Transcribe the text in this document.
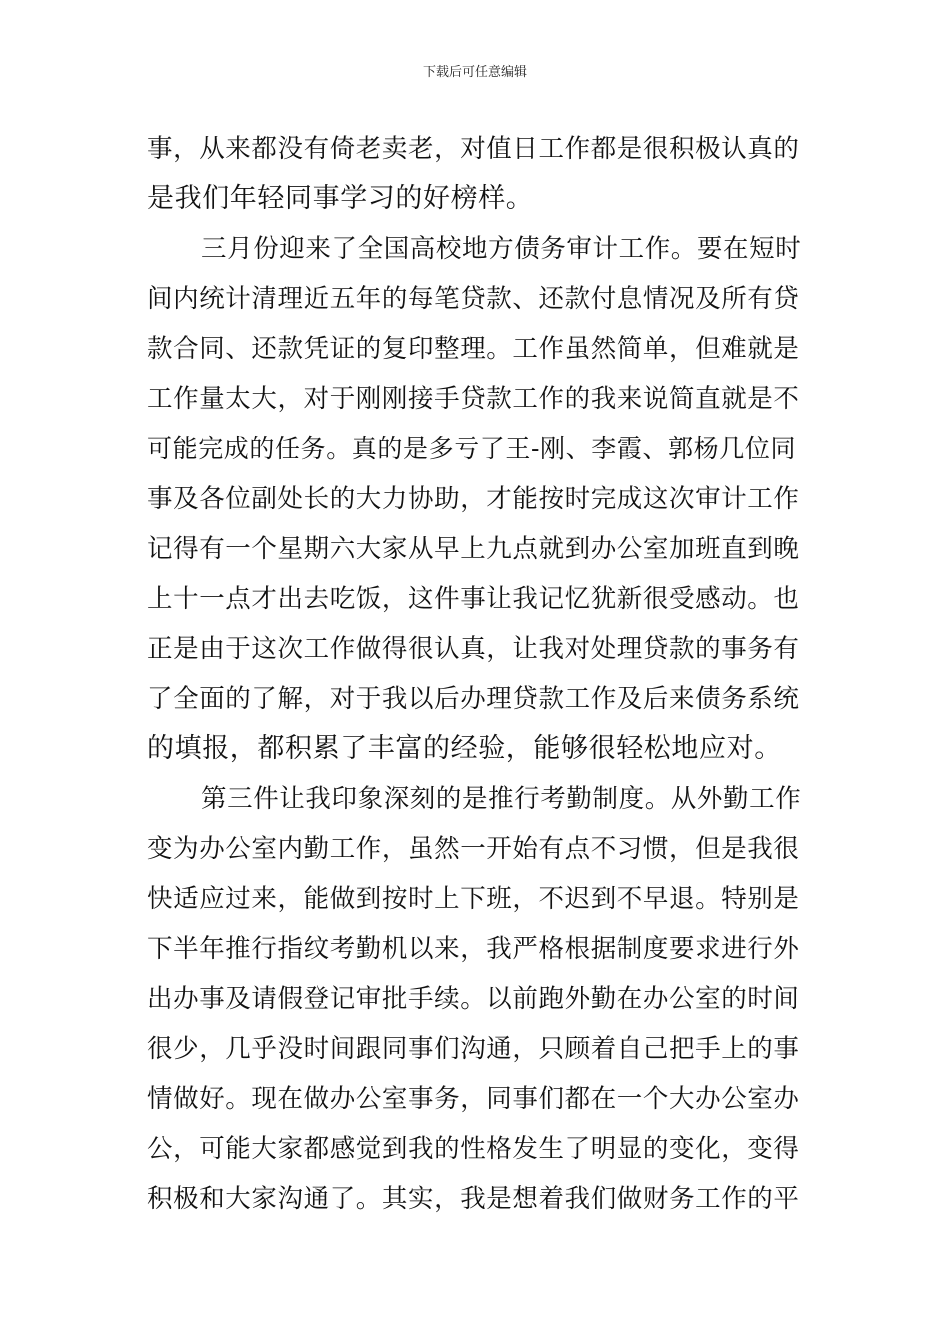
下载后可任意编辑
事，从来都没有倚老卖老，对值日工作都是很积极认真的
是我们年轻同事学习的好榜样。
三月份迎来了全国高校地方债务审计工作。要在短时
间内统计清理近五年的每笔贷款、还款付息情况及所有贷
款合同、还款凭证的复印整理。工作虽然简单，但难就是
工作量太大，对于刚刚接手贷款工作的我来说简直就是不
可能完成的任务。真的是多亏了王-刚、李霞、郭杨几位同
事及各位副处长的大力协助，才能按时完成这次审计工作
记得有一个星期六大家从早上九点就到办公室加班直到晚
上十一点才出去吃饭，这件事让我记忆犹新很受感动。也
正是由于这次工作做得很认真，让我对处理贷款的事务有
了全面的了解，对于我以后办理贷款工作及后来债务系统
的填报，都积累了丰富的经验，能够很轻松地应对。
第三件让我印象深刻的是推行考勤制度。从外勤工作
变为办公室内勤工作，虽然一开始有点不习惯，但是我很
快适应过来，能做到按时上下班，不迟到不早退。特别是
下半年推行指纹考勤机以来，我严格根据制度要求进行外
出办事及请假登记审批手续。以前跑外勤在办公室的时间
很少，几乎没时间跟同事们沟通，只顾着自己把手上的事
情做好。现在做办公室事务，同事们都在一个大办公室办
公，可能大家都感觉到我的性格发生了明显的变化，变得
积极和大家沟通了。其实，我是想着我们做财务工作的平
